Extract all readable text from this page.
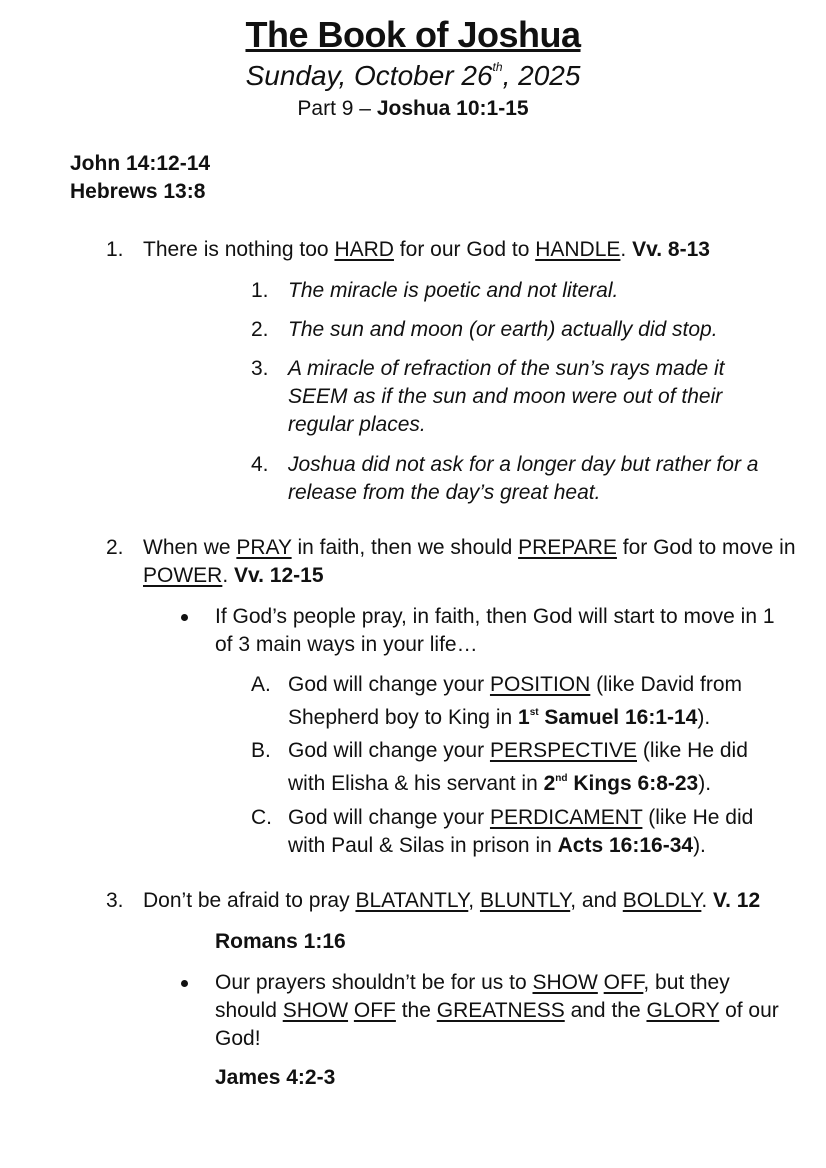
The Book of Joshua
Sunday, October 26th, 2025
Part 9 – Joshua 10:1-15
John 14:12-14
Hebrews 13:8
1. There is nothing too HARD for our God to HANDLE. Vv. 8-13
1. The miracle is poetic and not literal.
2. The sun and moon (or earth) actually did stop.
3. A miracle of refraction of the sun’s rays made it
SEEM as if the sun and moon were out of their
regular places.
4. Joshua did not ask for a longer day but rather for a
release from the day’s great heat.
2. When we PRAY in faith, then we should PREPARE for God to move in
POWER. Vv. 12-15
If God’s people pray, in faith, then God will start to move in 1
of 3 main ways in your life…
A. God will change your POSITION (like David from
Shepherd boy to King in 1st Samuel 16:1-14).
B. God will change your PERSPECTIVE (like He did
with Elisha & his servant in 2nd Kings 6:8-23).
C. God will change your PERDICAMENT (like He did
with Paul & Silas in prison in Acts 16:16-34).
3. Don’t be afraid to pray BLATANTLY, BLUNTLY, and BOLDLY. V. 12
Romans 1:16
Our prayers shouldn’t be for us to SHOW OFF, but they
should SHOW OFF the GREATNESS and the GLORY of our
God!
James 4:2-3
